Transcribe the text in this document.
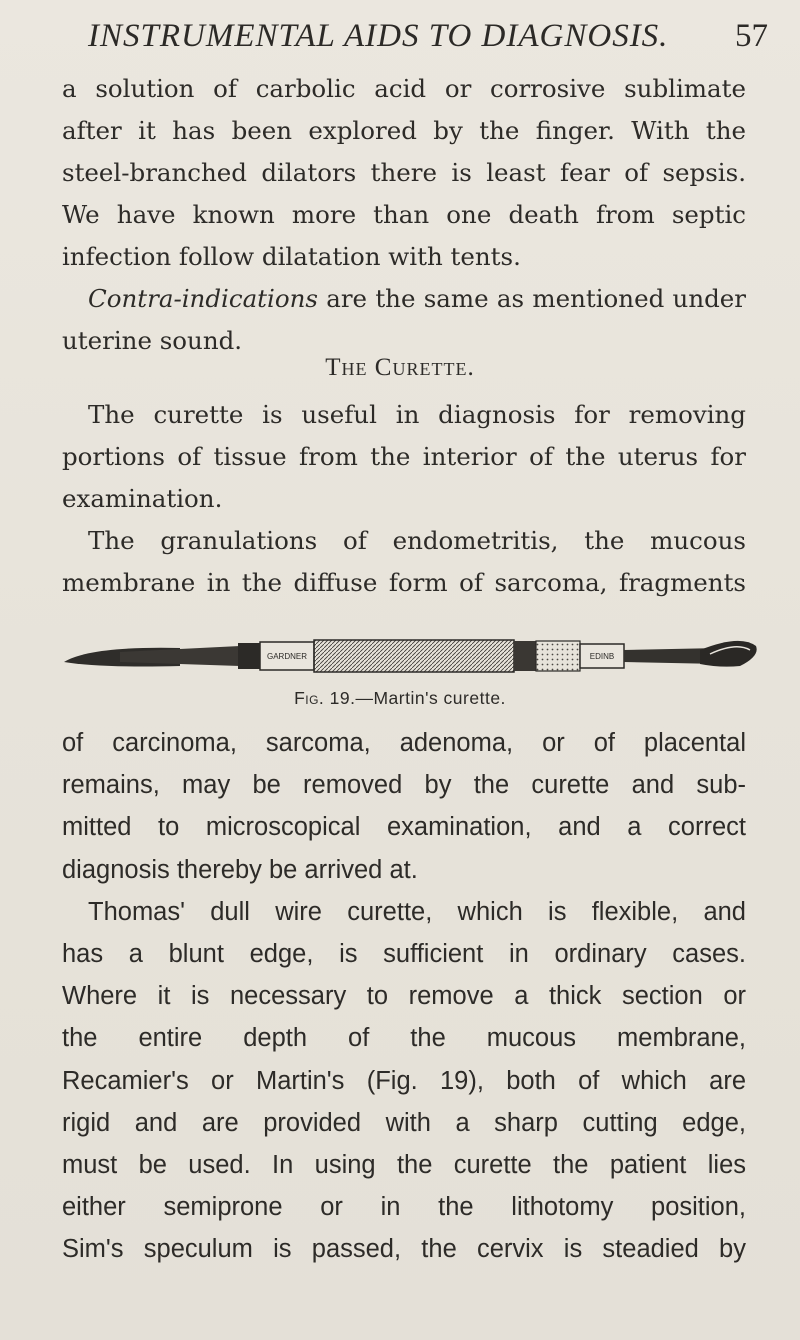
INSTRUMENTAL AIDS TO DIAGNOSIS. 57
a solution of carbolic acid or corrosive sublimate
after it has been explored by the finger. With the
steel-branched dilators there is least fear of sepsis.
We have known more than one death from septic
infection follow dilatation with tents.
Contra-indications are the same as mentioned under
uterine sound.
The Curette.
The curette is useful in diagnosis for removing
portions of tissue from the interior of the uterus for
examination.
The granulations of endometritis, the mucous
membrane in the diffuse form of sarcoma, fragments
GARDNER	EDINB
Fig. 19.—Martin's curette.
of carcinoma, sarcoma, adenoma, or of placental
remains, may be removed by the curette and sub-
mitted to microscopical examination, and a correct
diagnosis thereby be arrived at.
Thomas' dull wire curette, which is flexible, and
has a blunt edge, is sufficient in ordinary cases.
Where it is necessary to remove a thick section or
the entire depth of the mucous membrane,
Recamier's or Martin's (Fig. 19), both of which are
rigid and are provided with a sharp cutting edge,
must be used. In using the curette the patient lies
either semiprone or in the lithotomy position,
Sim's speculum is passed, the cervix is steadied by
